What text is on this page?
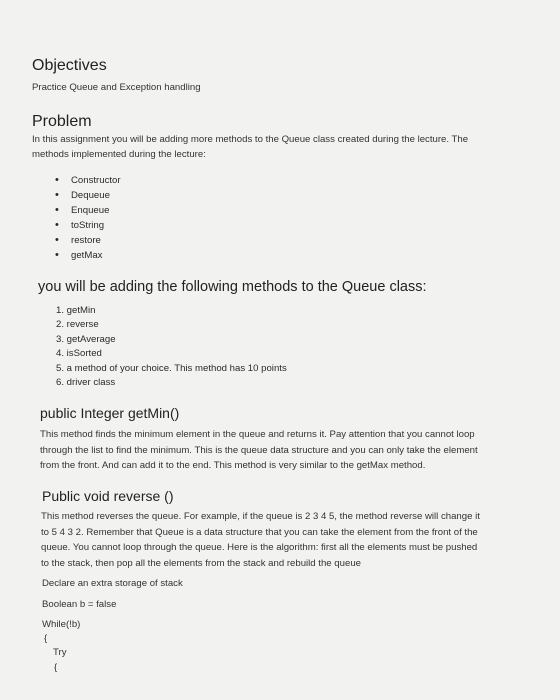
Objectives
Practice Queue and Exception handling
Problem
In this assignment you will be adding more methods to the Queue class created during the lecture. The
methods implemented during the lecture:
• Constructor
• Dequeue
• Enqueue
• toString
• restore
• getMax
you will be adding the following methods to the Queue class:
1. getMin
2. reverse
3. getAverage
4. isSorted
5. a method of your choice. This method has 10 points
6. driver class
public Integer getMin()
This method finds the minimum element in the queue and returns it. Pay attention that you cannot loop
through the list to find the minimum. This is the queue data structure and you can only take the element
from the front. And can add it to the end. This method is very similar to the getMax method.
Public void reverse ()
This method reverses the queue. For example, if the queue is 2 3 4 5, the method reverse will change it
to 5 4 3 2. Remember that Queue is a data structure that you can take the element from the front of the
queue. You cannot loop through the queue. Here is the algorithm: first all the elements must be pushed
to the stack, then pop all the elements from the stack and rebuild the queue
Declare an extra storage of stack
Boolean b = false
While(!b)
{
Try
{
